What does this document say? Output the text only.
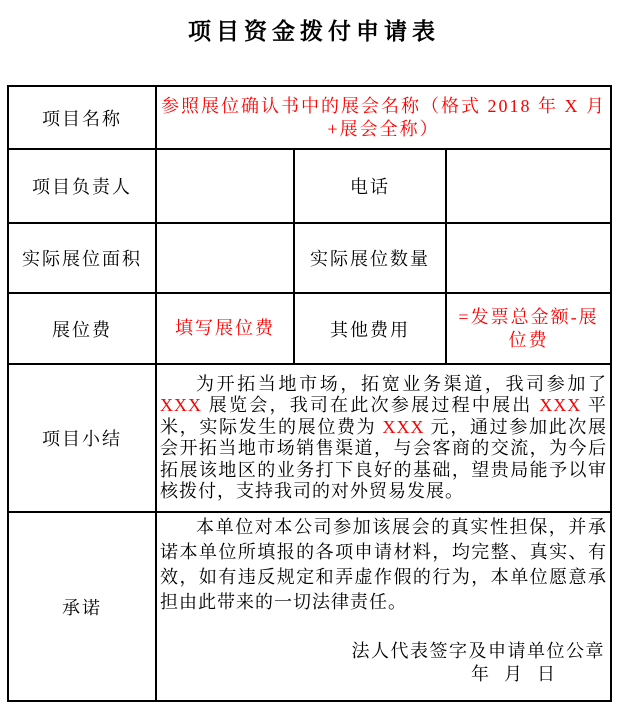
项目资金拨付申请表
项目名称	参照展位确认书中的展会名称（格式 2018 年 X 月+展会全称）		
项目负责人		电话	
实际展位面积		实际展位数量	
展位费	填写展位费	其他费用	=发票总金额-展位费
项目小结	为开拓当地市场，拓宽业务渠道，我司参加了XXX 展览会，我司在此次参展过程中展出 XXX 平米，实际发生的展位费为 XXX 元，通过参加此次展会开拓当地市场销售渠道，与会客商的交流，为今后拓展该地区的业务打下良好的基础，望贵局能予以审核拨付，支持我司的对外贸易发展。		

承诺	本单位对本公司参加该展会的真实性担保，并承诺本单位所填报的各项申请材料，均完整、真实、有效，如有违反规定和弄虚作假的行为，本单位愿意承担由此带来的一切法律责任。

法人代表签字及申请单位公章
年  月  日		
